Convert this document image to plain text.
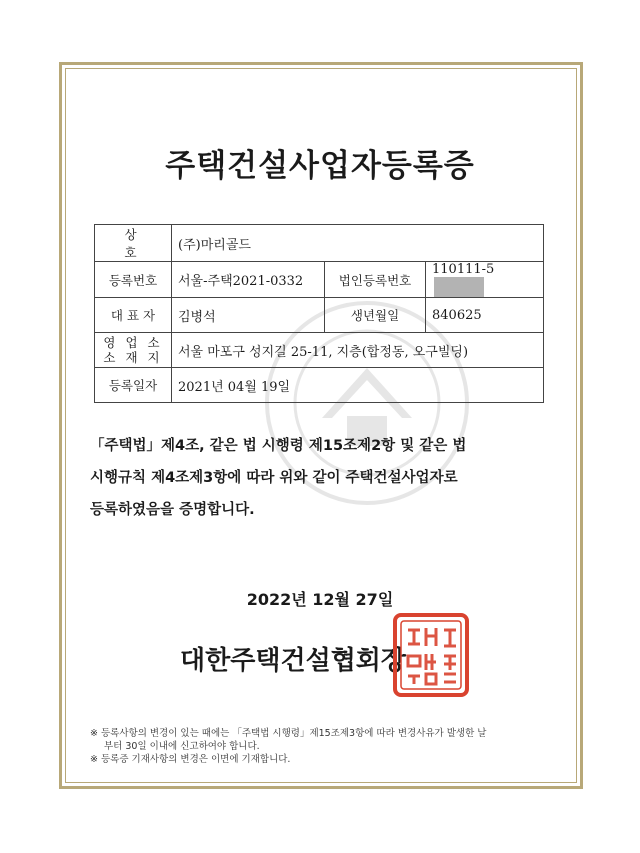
주택건설사업자등록증
상　　호	(주)마리골드		
등록번호	서울-주택2021-0332	법인등록번호	110111-5
대 표 자	김병석	생년월일	840625
영 업 소
소 재 지	서울 마포구 성지길 25-11, 지층(합정동, 오구빌딩)		
등록일자	2021년 04월 19일		
「주택법」제4조, 같은 법 시행령 제15조제2항 및 같은 법
시행규칙 제4조제3항에 따라 위와 같이 주택건설사업자로
등록하였음을 증명합니다.
2022년 12월 27일
대한주택건설협회장
※ 등록사항의 변경이 있는 때에는 「주택법 시행령」제15조제3항에 따라 변경사유가 발생한 날
부터 30일 이내에 신고하여야 합니다.
※ 등록증 기재사항의 변경은 이면에 기재합니다.
